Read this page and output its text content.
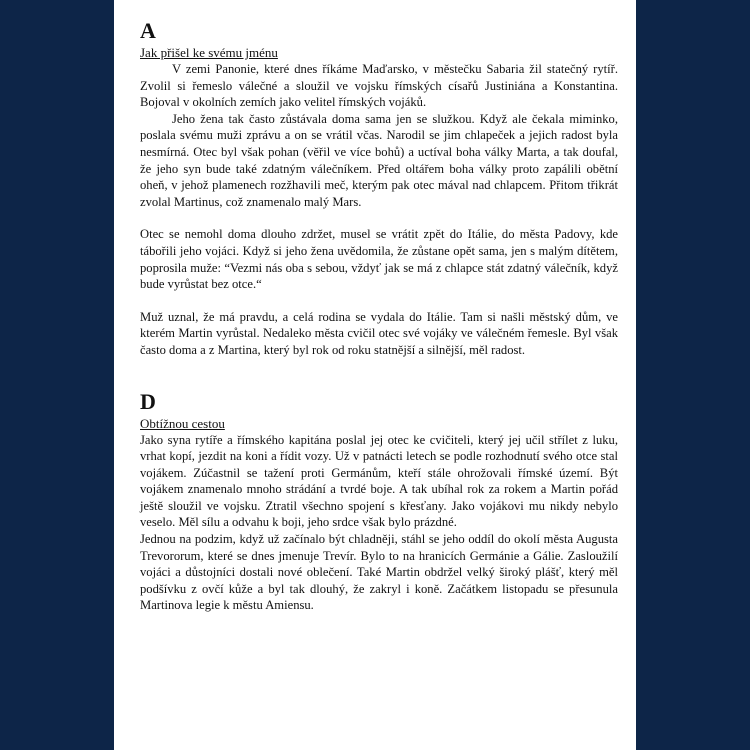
A
Jak přišel ke svému jménu

V zemi Panonie, které dnes říkáme Maďarsko, v městečku Sabaria žil statečný rytíř. Zvolil si řemeslo válečné a sloužil ve vojsku římských císařů Justiniána a Konstantina. Bojoval v okolních zemích jako velitel římských vojáků.

Jeho žena tak často zůstávala doma sama jen se služkou. Když ale čekala miminko, poslala svému muži zprávu a on se vrátil včas. Narodil se jim chlapeček a jejich radost byla nesmírná. Otec byl však pohan (věřil ve více bohů) a uctíval boha války Marta, a tak doufal, že jeho syn bude také zdatným válečníkem. Před oltářem boha války proto zapálili obětní oheň, v jehož plamenech rozžhavili meč, kterým pak otec mával nad chlapcem. Přitom třikrát zvolal Martinus, což znamenalo malý Mars.

Otec se nemohl doma dlouho zdržet, musel se vrátit zpět do Itálie, do města Padovy, kde tábořili jeho vojáci. Když si jeho žena uvědomila, že zůstane opět sama, jen s malým dítětem, poprosila muže: “Vezmi nás oba s sebou, vždyť jak se má z chlapce stát zdatný válečník, když bude vyrůstat bez otce.“

Muž uznal, že má pravdu, a celá rodina se vydala do Itálie. Tam si našli městský dům, ve kterém Martin vyrůstal. Nedaleko města cvičil otec své vojáky ve válečném řemesle. Byl však často doma a z Martina, který byl rok od roku statnější a silnější, měl radost.

D
Obtížnou cestou

Jako syna rytíře a římského kapitána poslal jej otec ke cvičiteli, který jej učil střílet z luku, vrhat kopí, jezdit na koni a řídit vozy. Už v patnácti letech se podle rozhodnutí svého otce stal vojákem. Zúčastnil se tažení proti Germánům, kteří stále ohrožovali římské území. Být vojákem znamenalo mnoho strádání a tvrdé boje. A tak ubíhal rok za rokem a Martin pořád ještě sloužil ve vojsku. Ztratil všechno spojení s křesťany. Jako vojákovi mu nikdy nebylo veselo. Měl sílu a odvahu k boji, jeho srdce však bylo prázdné.

Jednou na podzim, když už začínalo být chladněji, stáhl se jeho oddíl do okolí města Augusta Trevororum, které se dnes jmenuje Trevír. Bylo to na hranicích Germánie a Gálie. Zasloužilí vojáci a důstojníci dostali nové oblečení. Také Martin obdržel velký široký plášť, který měl podšívku z ovčí kůže a byl tak dlouhý, že zakryl i koně. Začátkem listopadu se přesunula Martinova legie k městu Amiensu.
